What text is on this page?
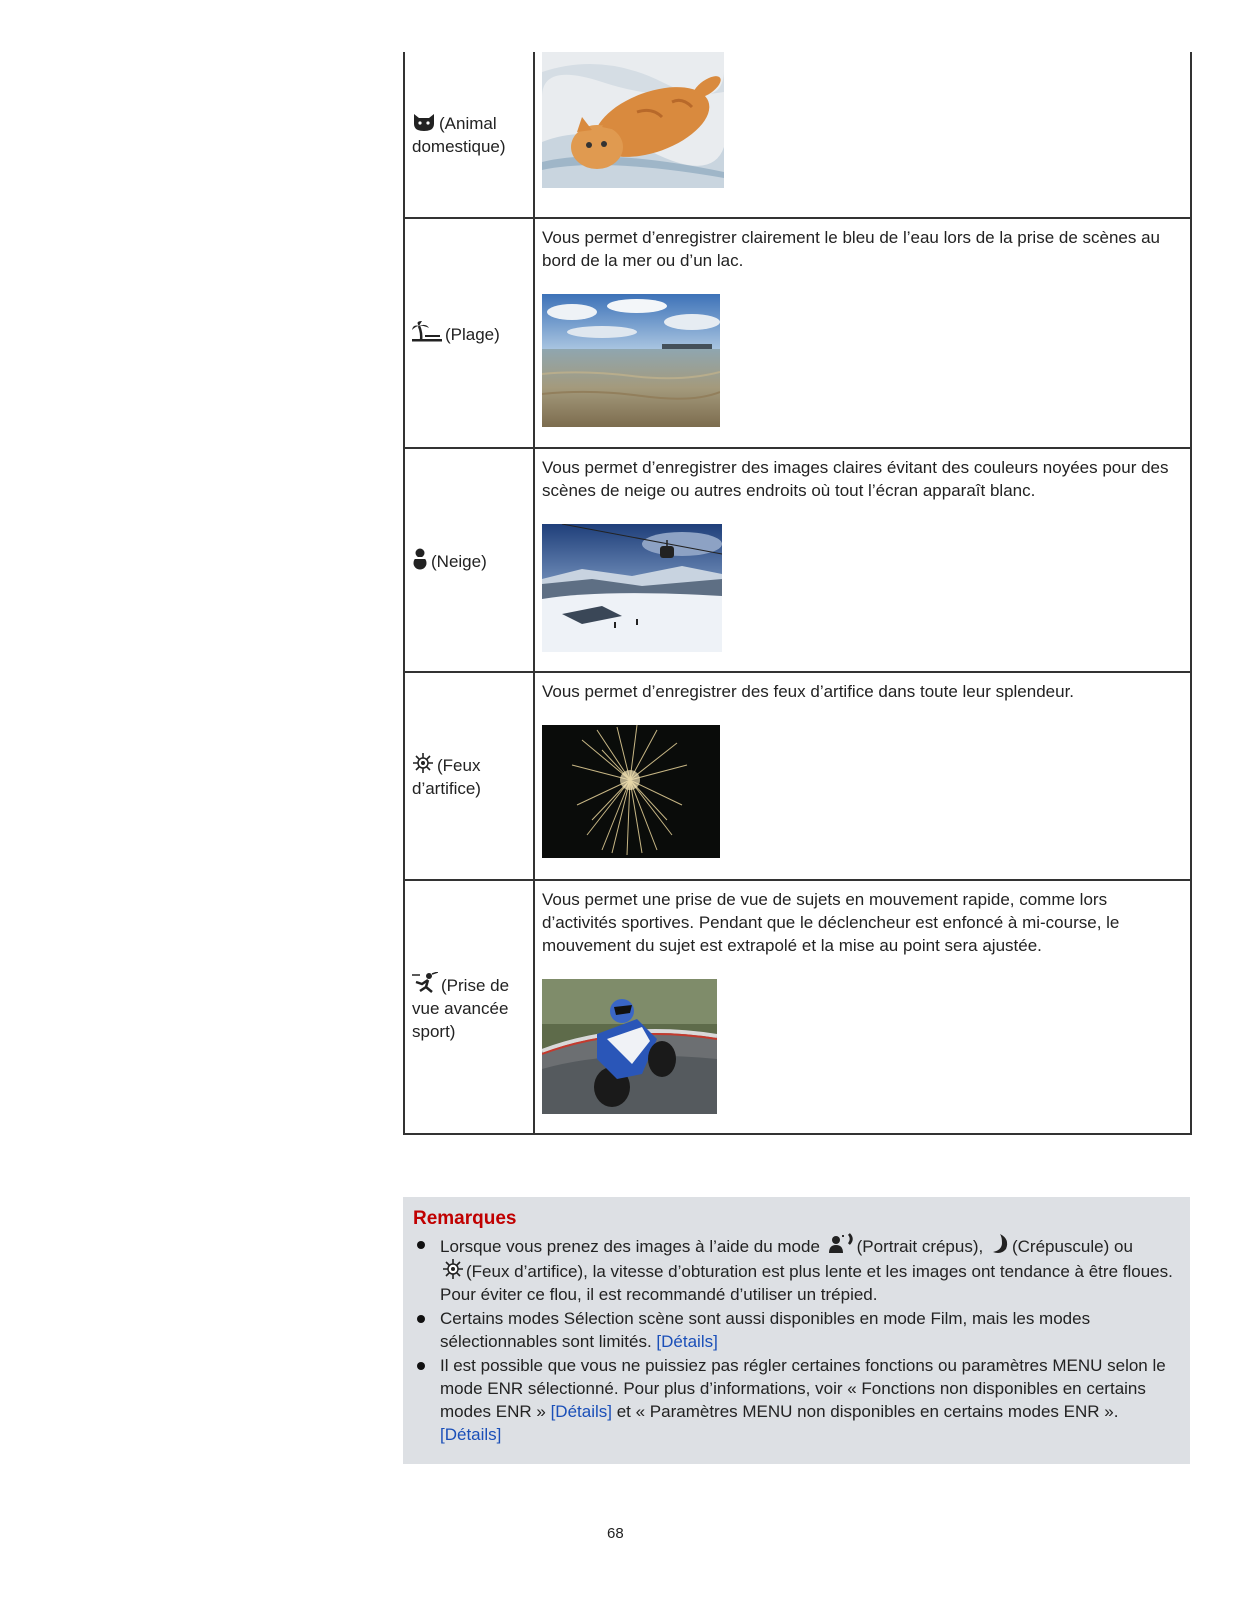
(Animal domestique)	

(Plage)	Vous permet d’enregistrer clairement le bleu de l’eau lors de la prise de scènes au bord de la mer ou d’un lac.

(Neige)	Vous permet d’enregistrer des images claires évitant des couleurs noyées pour des scènes de neige ou autres endroits où tout l’écran apparaît blanc.

(Feux d’artifice)	Vous permet d’enregistrer des feux d’artifice dans toute leur splendeur.

(Prise de vue avancée sport)	Vous permet une prise de vue de sujets en mouvement rapide, comme lors d’activités sportives. Pendant que le déclencheur est enfoncé à mi-course, le mouvement du sujet est extrapolé et la mise au point sera ajustée.
Remarques
Lorsque vous prenez des images à l’aide du mode (Portrait crépus), (Crépuscule) ou
(Feux d’artifice), la vitesse d’obturation est plus lente et les images ont tendance à être floues. Pour éviter ce flou, il est recommandé d’utiliser un trépied.
Certains modes Sélection scène sont aussi disponibles en mode Film, mais les modes sélectionnables sont limités. [Détails]
Il est possible que vous ne puissiez pas régler certaines fonctions ou paramètres MENU selon le mode ENR sélectionné. Pour plus d’informations, voir « Fonctions non disponibles en certains modes ENR » [Détails] et « Paramètres MENU non disponibles en certains modes ENR ». [Détails]
68
